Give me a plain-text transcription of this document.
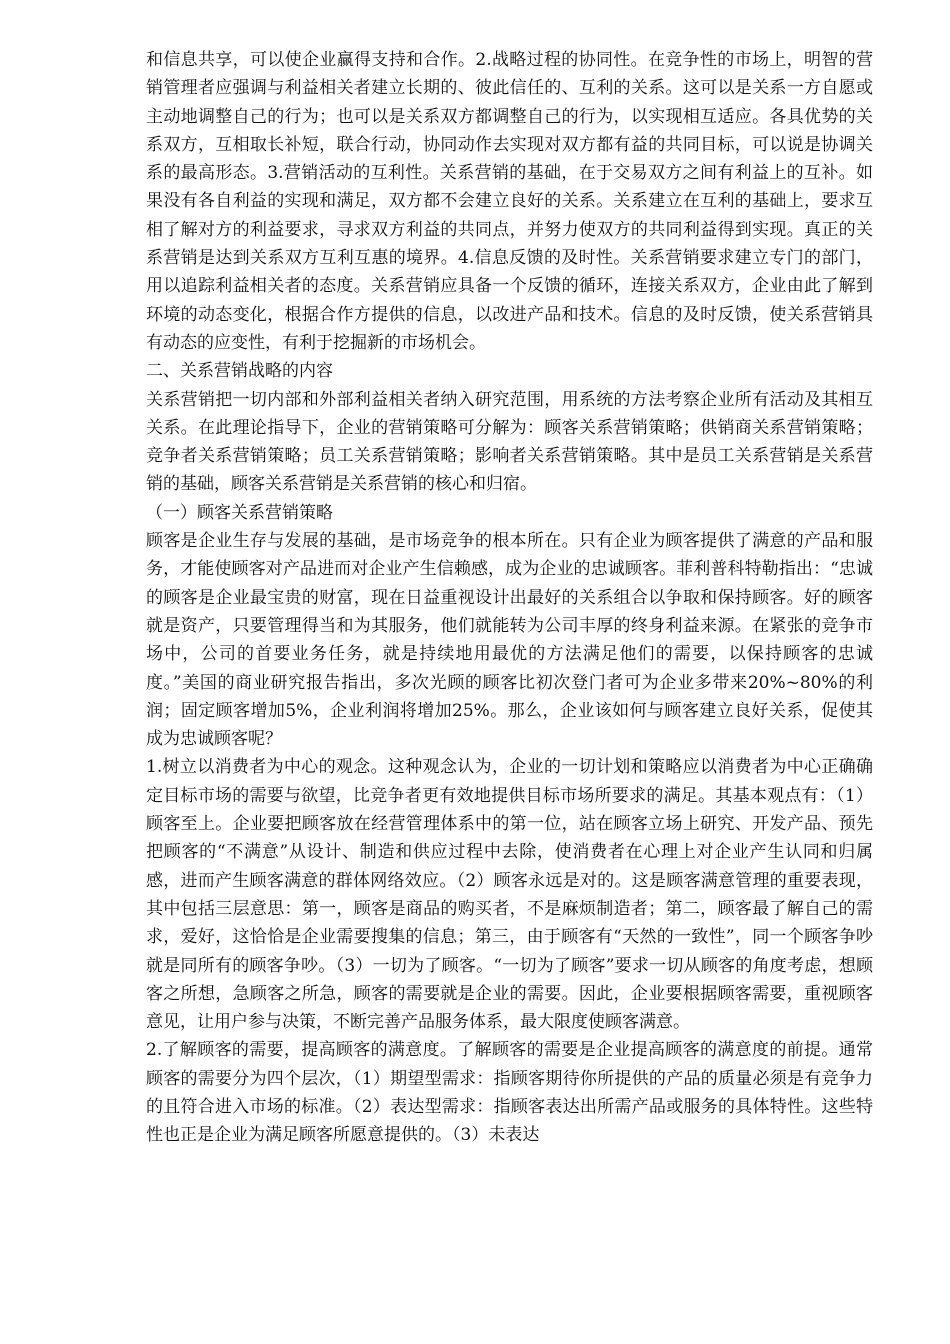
和信息共享，可以使企业赢得支持和合作。2.战略过程的协同性。在竞争性的市场上，明智的营销管理者应强调与利益相关者建立长期的、彼此信任的、互利的关系。这可以是关系一方自愿或主动地调整自己的行为；也可以是关系双方都调整自己的行为，以实现相互适应。各具优势的关系双方，互相取长补短，联合行动，协同动作去实现对双方都有益的共同目标，可以说是协调关系的最高形态。3.营销活动的互利性。关系营销的基础，在于交易双方之间有利益上的互补。如果没有各自利益的实现和满足，双方都不会建立良好的关系。关系建立在互利的基础上，要求互相了解对方的利益要求，寻求双方利益的共同点，并努力使双方的共同利益得到实现。真正的关系营销是达到关系双方互利互惠的境界。4.信息反馈的及时性。关系营销要求建立专门的部门，用以追踪利益相关者的态度。关系营销应具备一个反馈的循环，连接关系双方，企业由此了解到环境的动态变化，根据合作方提供的信息，以改进产品和技术。信息的及时反馈，使关系营销具有动态的应变性，有利于挖掘新的市场机会。

二、关系营销战略的内容

关系营销把一切内部和外部利益相关者纳入研究范围，用系统的方法考察企业所有活动及其相互关系。在此理论指导下，企业的营销策略可分解为：顾客关系营销策略；供销商关系营销策略；竞争者关系营销策略；员工关系营销策略；影响者关系营销策略。其中是员工关系营销是关系营销的基础，顾客关系营销是关系营销的核心和归宿。

（一）顾客关系营销策略

顾客是企业生存与发展的基础，是市场竞争的根本所在。只有企业为顾客提供了满意的产品和服务，才能使顾客对产品进而对企业产生信赖感，成为企业的忠诚顾客。菲利普科特勒指出：“忠诚的顾客是企业最宝贵的财富，现在日益重视设计出最好的关系组合以争取和保持顾客。好的顾客就是资产，只要管理得当和为其服务，他们就能转为公司丰厚的终身利益来源。在紧张的竞争市场中，公司的首要业务任务，就是持续地用最优的方法满足他们的需要，以保持顾客的忠诚度。”美国的商业研究报告指出，多次光顾的顾客比初次登门者可为企业多带来20%~80%的利润；固定顾客增加5%，企业利润将增加25%。那么，企业该如何与顾客建立良好关系，促使其成为忠诚顾客呢？

1.树立以消费者为中心的观念。这种观念认为，企业的一切计划和策略应以消费者为中心正确确定目标市场的需要与欲望，比竞争者更有效地提供目标市场所要求的满足。其基本观点有：（1）顾客至上。企业要把顾客放在经营管理体系中的第一位，站在顾客立场上研究、开发产品、预先把顾客的“不满意”从设计、制造和供应过程中去除，使消费者在心理上对企业产生认同和归属感，进而产生顾客满意的群体网络效应。（2）顾客永远是对的。这是顾客满意管理的重要表现，其中包括三层意思：第一，顾客是商品的购买者，不是麻烦制造者；第二，顾客最了解自己的需求，爱好，这恰恰是企业需要搜集的信息；第三，由于顾客有“天然的一致性”，同一个顾客争吵就是同所有的顾客争吵。（3）一切为了顾客。“一切为了顾客”要求一切从顾客的角度考虑，想顾客之所想，急顾客之所急，顾客的需要就是企业的需要。因此，企业要根据顾客需要，重视顾客意见，让用户参与决策，不断完善产品服务体系，最大限度使顾客满意。

2.了解顾客的需要，提高顾客的满意度。了解顾客的需要是企业提高顾客的满意度的前提。通常顾客的需要分为四个层次，（1）期望型需求：指顾客期待你所提供的产品的质量必须是有竞争力的且符合进入市场的标准。（2）表达型需求：指顾客表达出所需产品或服务的具体特性。这些特性也正是企业为满足顾客所愿意提供的。（3）未表达
